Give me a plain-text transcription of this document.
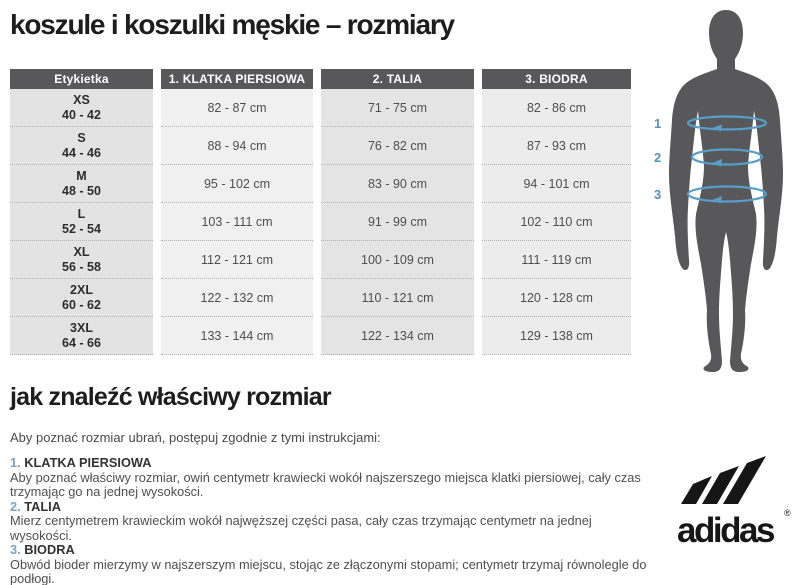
koszule i koszulki męskie – rozmiary
Etykietka	1. KLATKA PIERSIOWA	2. TALIA	3. BIODRA
XS
40 - 42	82 - 87 cm	71 - 75 cm	82 - 86 cm
S
44 - 46	88 - 94 cm	76 - 82 cm	87 - 93 cm
M
48 - 50	95 - 102 cm	83 - 90 cm	94 - 101 cm
L
52 - 54	103 - 111 cm	91 - 99 cm	102 - 110 cm
XL
56 - 58	112 - 121 cm	100 - 109 cm	111 - 119 cm
2XL
60 - 62	122 - 132 cm	110 - 121 cm	120 - 128 cm
3XL
64 - 66	133 - 144 cm	122 - 134 cm	129 - 138 cm
1
2
3
jak znaleźć właściwy rozmiar

Aby poznać rozmiar ubrań, postępuj zgodnie z tymi instrukcjami:

1. KLATKA PIERSIOWA

Aby poznać właściwy rozmiar, owiń centymetr krawiecki wokół najszerszego miejsca klatki piersiowej, cały czas trzymając go na jednej wysokości.

2. TALIA

Mierz centymetrem krawieckim wokół najwęższej części pasa, cały czas trzymając centymetr na jednej wysokości.

3. BIODRA

Obwód bioder mierzymy w najszerszym miejscu, stojąc ze złączonymi stopami; centymetr trzymaj równolegle do podłogi.

adidas ®
